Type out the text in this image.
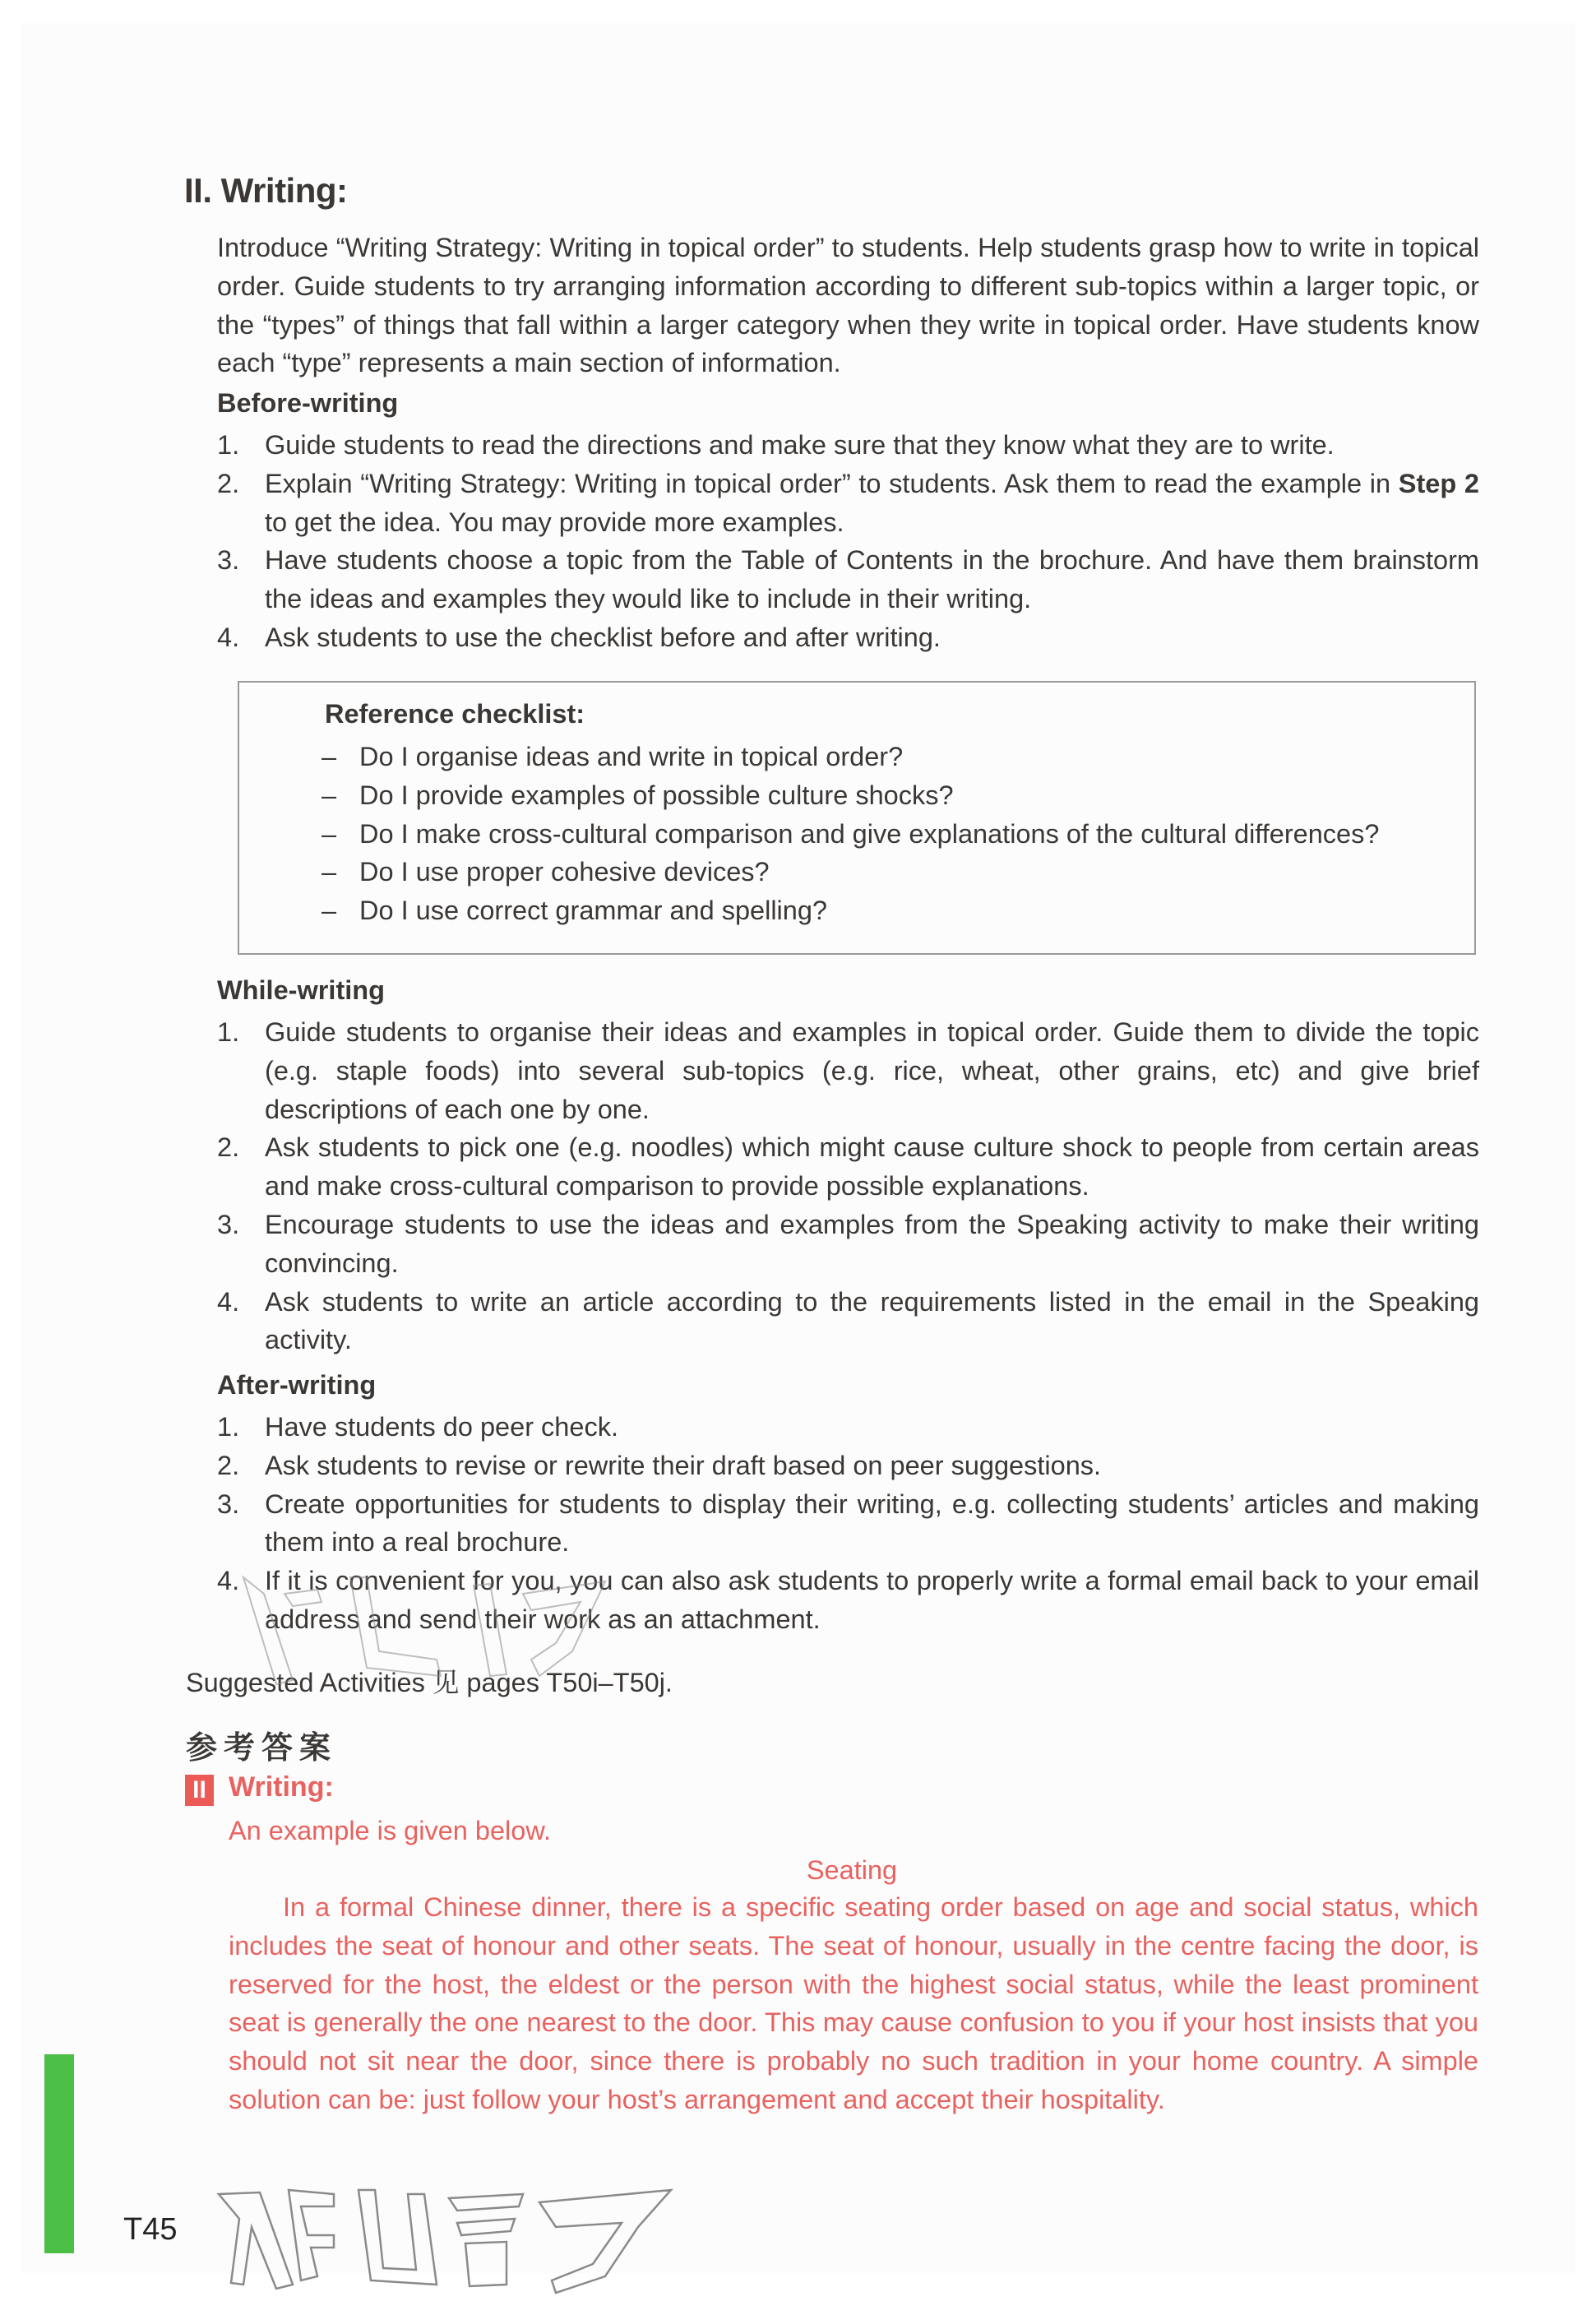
II. Writing:

Introduce “Writing Strategy: Writing in topical order” to students. Help students grasp how to write in topical order. Guide students to try arranging information according to different sub-topics within a larger topic, or the “types” of things that fall within a larger category when they write in topical order. Have students know each “type” represents a main section of information.

Before-writing
1. Guide students to read the directions and make sure that they know what they are to write.
2. Explain “Writing Strategy: Writing in topical order” to students. Ask them to read the example in Step 2 to get the idea. You may provide more examples.
3. Have students choose a topic from the Table of Contents in the brochure. And have them brainstorm the ideas and examples they would like to include in their writing.
4. Ask students to use the checklist before and after writing.
Reference checklist:
– Do I organise ideas and write in topical order?
– Do I provide examples of possible culture shocks?
– Do I make cross-cultural comparison and give explanations of the cultural differences?
– Do I use proper cohesive devices?
– Do I use correct grammar and spelling?
While-writing
1. Guide students to organise their ideas and examples in topical order. Guide them to divide the topic (e.g. staple foods) into several sub-topics (e.g. rice, wheat, other grains, etc) and give brief descriptions of each one by one.
2. Ask students to pick one (e.g. noodles) which might cause culture shock to people from certain areas and make cross-cultural comparison to provide possible explanations.
3. Encourage students to use the ideas and examples from the Speaking activity to make their writing convincing.
4. Ask students to write an article according to the requirements listed in the email in the Speaking activity.
After-writing
1. Have students do peer check.
2. Ask students to revise or rewrite their draft based on peer suggestions.
3. Create opportunities for students to display their writing, e.g. collecting students’ articles and making them into a real brochure.
4. If it is convenient for you, you can also ask students to properly write a formal email back to your email address and send their work as an attachment.

Suggested Activities 见 pages T50i–T50j.

参考答案
II Writing:

An example is given below.

Seating

In a formal Chinese dinner, there is a specific seating order based on age and social status, which includes the seat of honour and other seats. The seat of honour, usually in the centre facing the door, is reserved for the host, the eldest or the person with the highest social status, while the least prominent seat is generally the one nearest to the door. This may cause confusion to you if your host insists that you should not sit near the door, since there is probably no such tradition in your home country. A simple solution can be: just follow your host’s arrangement and accept their hospitality.

T45
